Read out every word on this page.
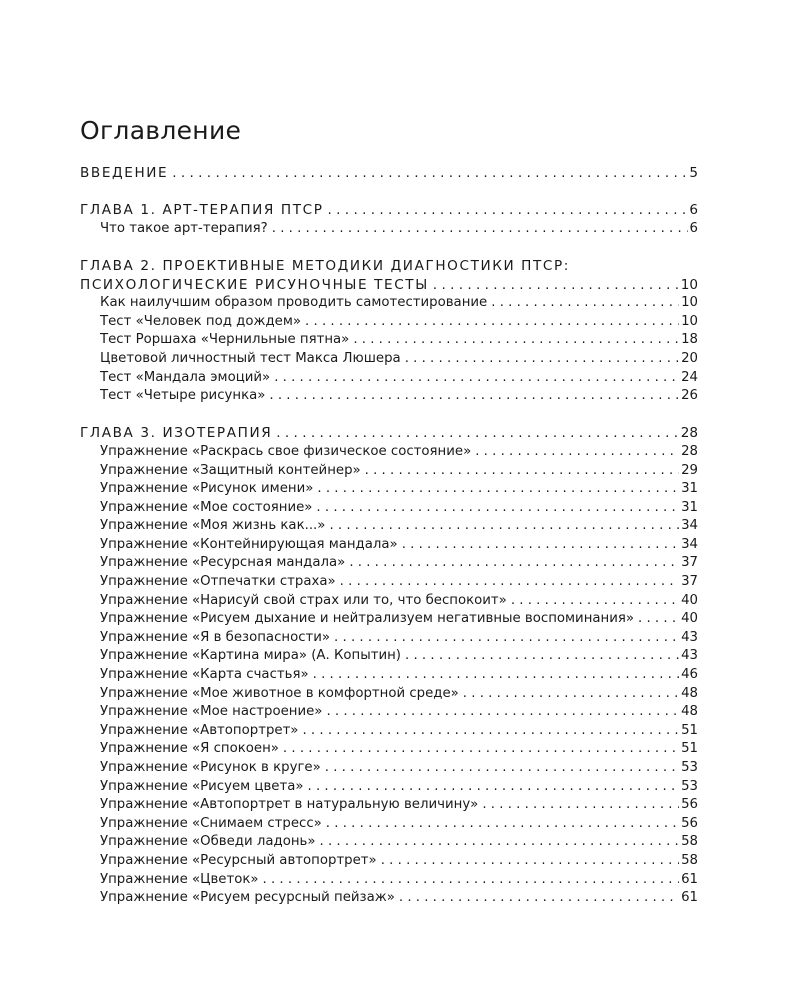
Оглавление
ВВЕДЕНИЕ . . .	5
ГЛАВА 1. АРТ-ТЕРАПИЯ ПТСР . . .	6
Что такое арт-терапия? . . .	6
ГЛАВА 2. ПРОЕКТИВНЫЕ МЕТОДИКИ ДИАГНОСТИКИ ПТСР:
ПСИХОЛОГИЧЕСКИЕ РИСУНОЧНЫЕ ТЕСТЫ . . .	10
Как наилучшим образом проводить самотестирование . . .	10
Тест «Человек под дождем» . . .	10
Тест Роршаха «Чернильные пятна» . . .	18
Цветовой личностный тест Макса Люшера . . .	20
Тест «Мандала эмоций» . . .	24
Тест «Четыре рисунка» . . .	26
ГЛАВА 3. ИЗОТЕРАПИЯ . . .	28
Упражнение «Раскрась свое физическое состояние» . . .	28
Упражнение «Защитный контейнер» . . .	29
Упражнение «Рисунок имени» . . .	31
Упражнение «Мое состояние» . . .	31
Упражнение «Моя жизнь как...» . . .	34
Упражнение «Контейнирующая мандала» . . .	34
Упражнение «Ресурсная мандала» . . .	37
Упражнение «Отпечатки страха» . . .	37
Упражнение «Нарисуй свой страх или то, что беспокоит» . . .	40
Упражнение «Рисуем дыхание и нейтрализуем негативные воспоминания» . . .	40
Упражнение «Я в безопасности» . . .	43
Упражнение «Картина мира» (А. Копытин) . . .	43
Упражнение «Карта счастья» . . .	46
Упражнение «Мое животное в комфортной среде» . . .	48
Упражнение «Мое настроение» . . .	48
Упражнение «Автопортрет» . . .	51
Упражнение «Я спокоен» . . .	51
Упражнение «Рисунок в круге» . . .	53
Упражнение «Рисуем цвета» . . .	53
Упражнение «Автопортрет в натуральную величину» . . .	56
Упражнение «Снимаем стресс» . . .	56
Упражнение «Обведи ладонь» . . .	58
Упражнение «Ресурсный автопортрет» . . .	58
Упражнение «Цветок» . . .	61
Упражнение «Рисуем ресурсный пейзаж» . . .	61
